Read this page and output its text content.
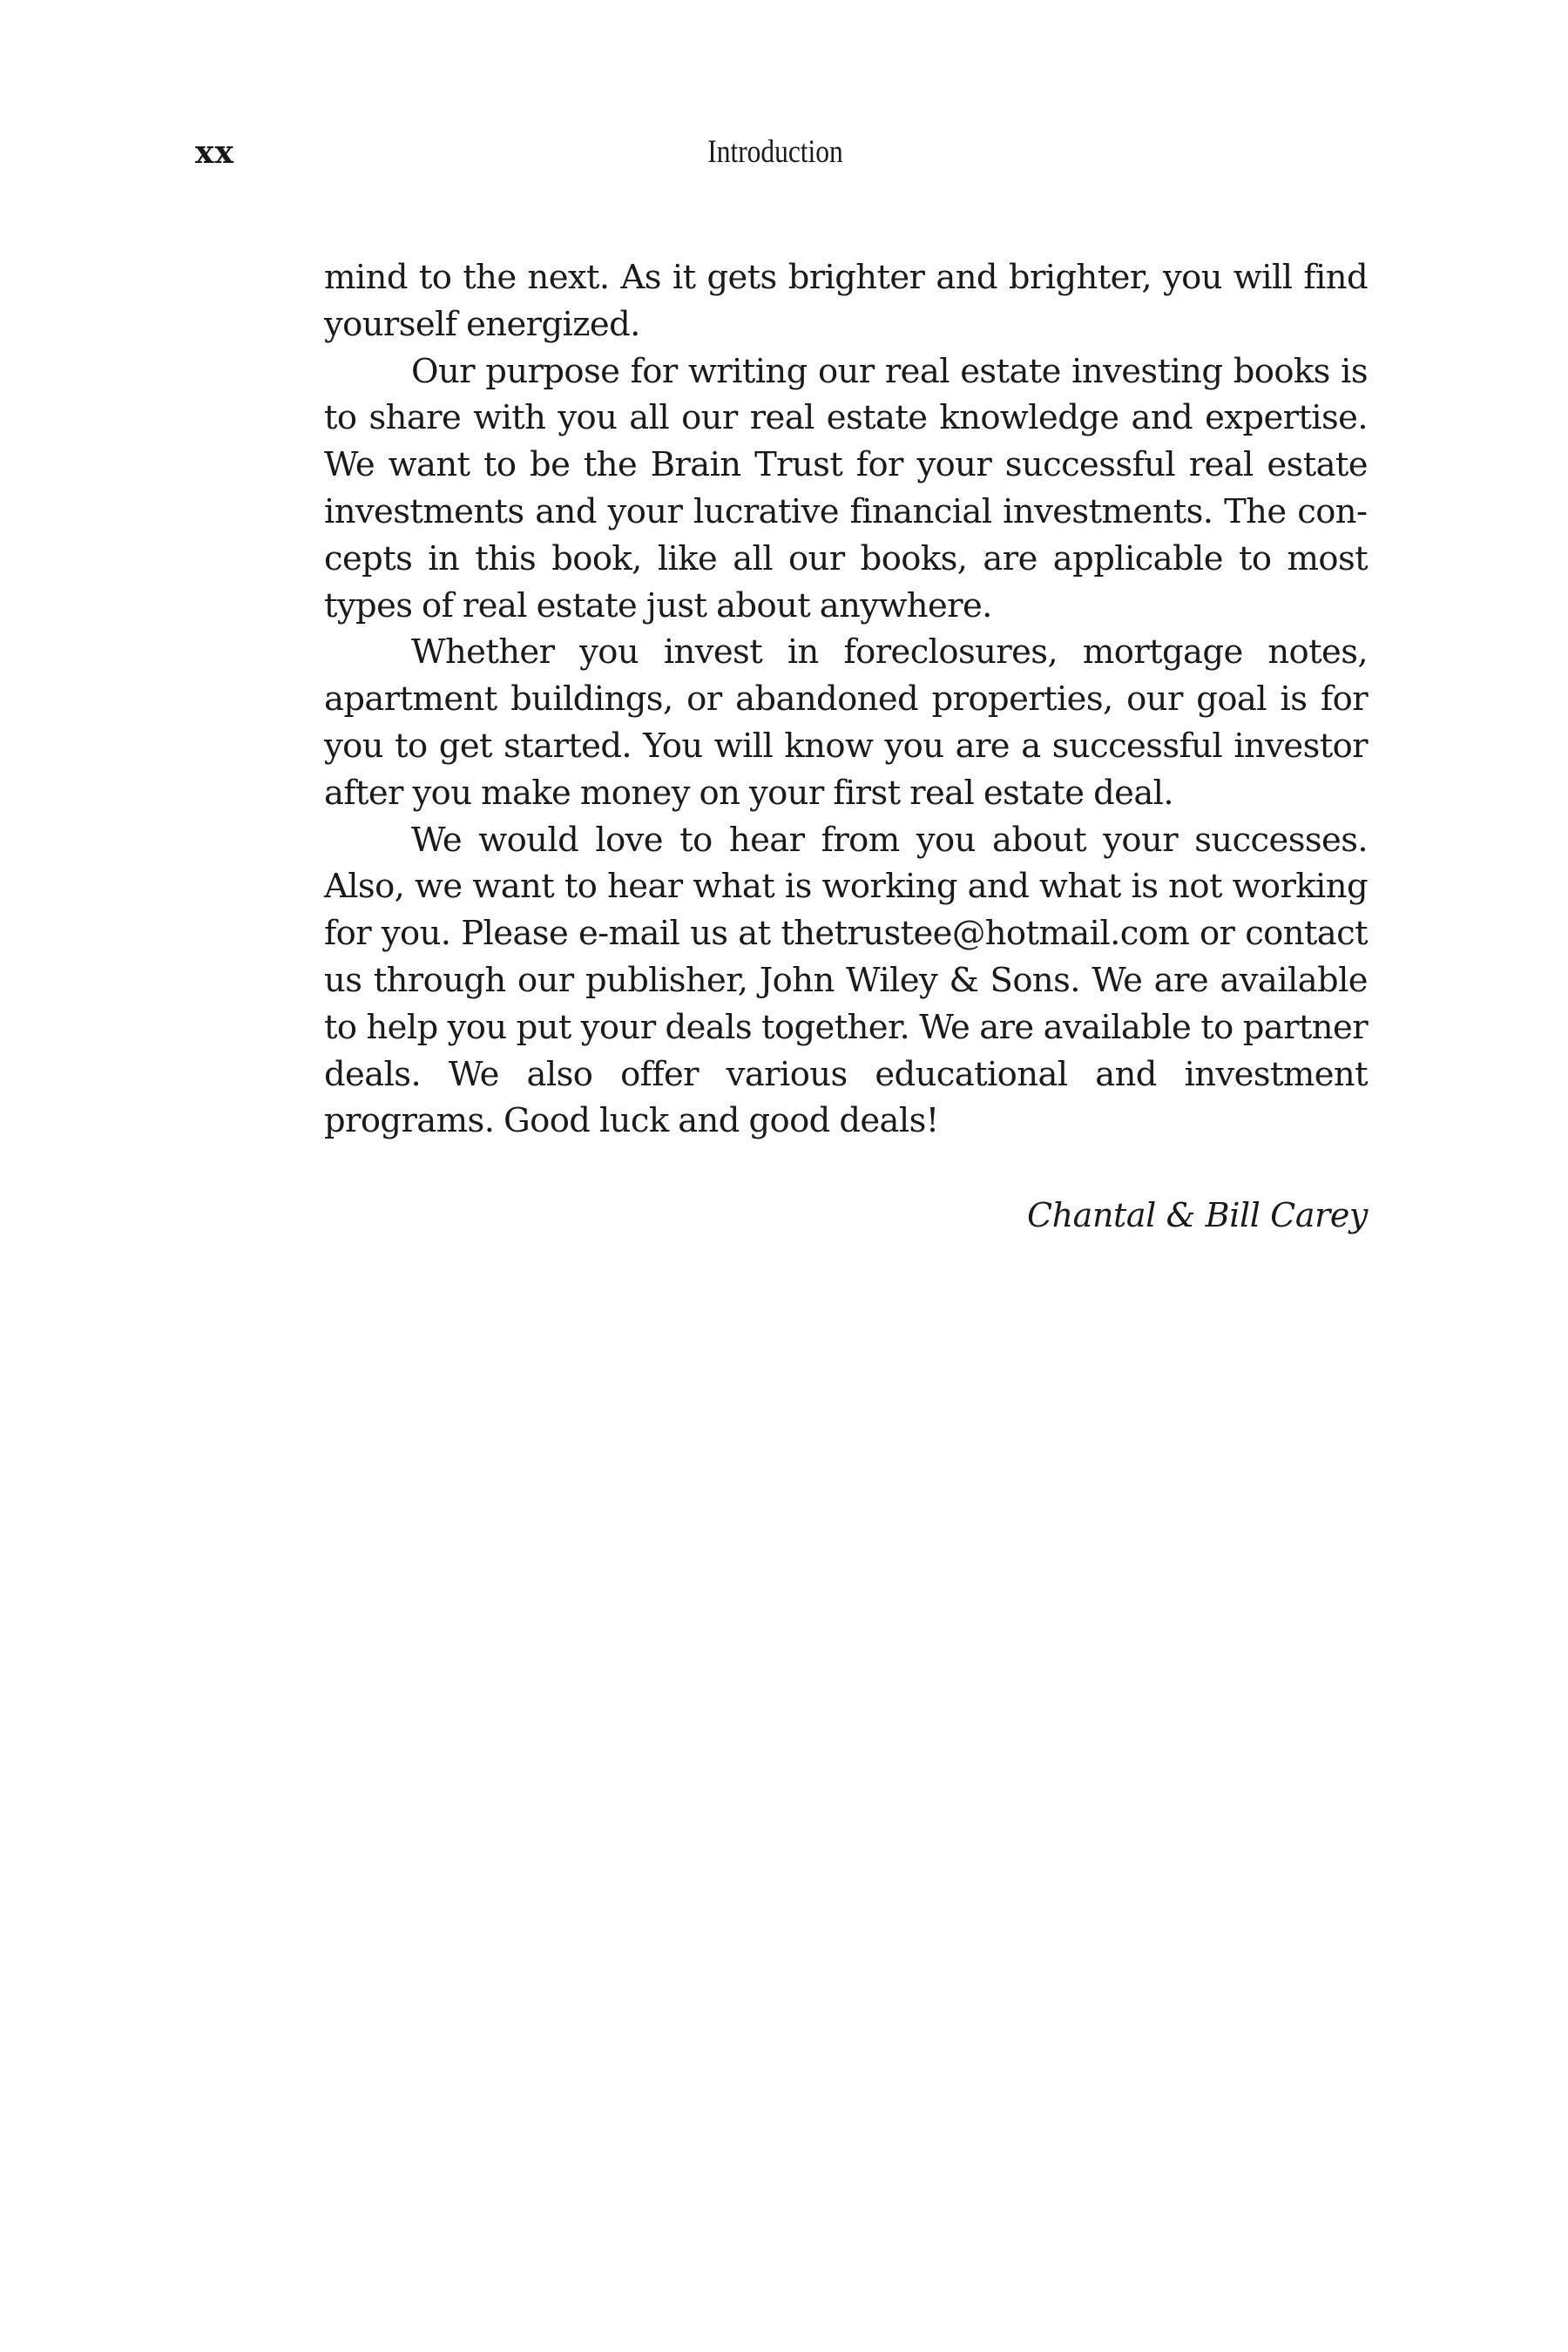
xx	Introduction

mind to the next. As it gets brighter and brighter, you will find yourself energized.

Our purpose for writing our real estate investing books is to share with you all our real estate knowledge and expertise. We want to be the Brain Trust for your successful real estate investments and your lucrative financial investments. The concepts in this book, like all our books, are applicable to most types of real estate just about anywhere.

Whether you invest in foreclosures, mortgage notes, apartment buildings, or abandoned properties, our goal is for you to get started. You will know you are a successful investor after you make money on your first real estate deal.

We would love to hear from you about your successes. Also, we want to hear what is working and what is not working for you. Please e-mail us at thetrustee@hotmail.com or contact us through our publisher, John Wiley & Sons. We are available to help you put your deals together. We are available to partner deals. We also offer various educational and investment programs. Good luck and good deals!

Chantal & Bill Carey
